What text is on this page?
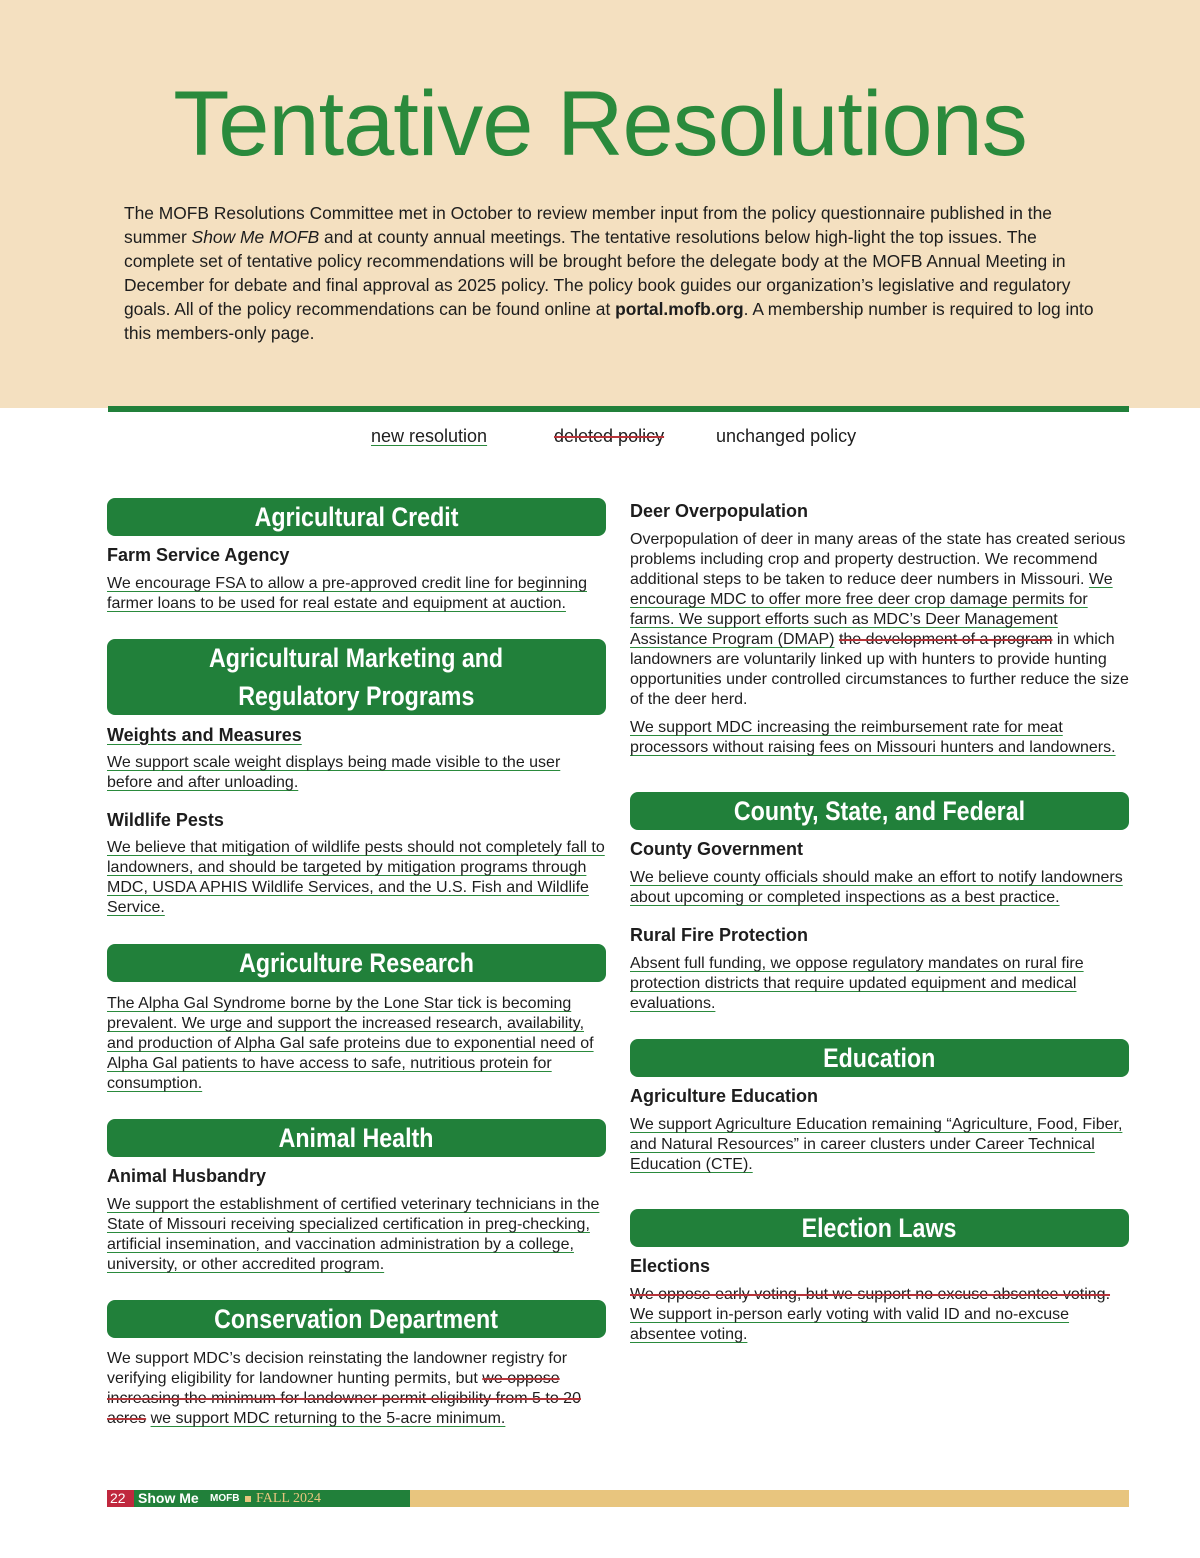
Tentative Resolutions

The MOFB Resolutions Committee met in October to review member input from the policy questionnaire published in the summer Show Me MOFB and at county annual meetings. The tentative resolutions below high-light the top issues. The complete set of tentative policy recommendations will be brought before the delegate body at the MOFB Annual Meeting in December for debate and final approval as 2025 policy. The policy book guides our organization’s legislative and regulatory goals. All of the policy recommendations can be found online at portal.mofb.org. A membership number is required to log into this members-only page.

new resolution	deleted policy	unchanged policy
Agricultural Credit

Farm Service Agency

We encourage FSA to allow a pre-approved credit line for beginning farmer loans to be used for real estate and equipment at auction.

Agricultural Marketing and
Regulatory Programs

Weights and Measures

We support scale weight displays being made visible to the user before and after unloading.

Wildlife Pests

We believe that mitigation of wildlife pests should not completely fall to landowners, and should be targeted by mitigation programs through MDC, USDA APHIS Wildlife Services, and the U.S. Fish and Wildlife Service.

Agriculture Research

The Alpha Gal Syndrome borne by the Lone Star tick is becoming prevalent. We urge and support the increased research, availability, and production of Alpha Gal safe proteins due to exponential need of Alpha Gal patients to have access to safe, nutritious protein for consumption.

Animal Health

Animal Husbandry

We support the establishment of certified veterinary technicians in the State of Missouri receiving specialized certification in preg-checking, artificial insemination, and vaccination administration by a college, university, or other accredited program.

Conservation Department

We support MDC’s decision reinstating the landowner registry for verifying eligibility for landowner hunting permits, but we oppose increasing the minimum for landowner permit eligibility from 5 to 20 acres we support MDC returning to the 5-acre minimum.

Deer Overpopulation

Overpopulation of deer in many areas of the state has created serious problems including crop and property destruction. We recommend additional steps to be taken to reduce deer numbers in Missouri. We encourage MDC to offer more free deer crop damage permits for farms. We support efforts such as MDC’s Deer Management Assistance Program (DMAP) the development of a program in which landowners are voluntarily linked up with hunters to provide hunting opportunities under controlled circumstances to further reduce the size of the deer herd.

We support MDC increasing the reimbursement rate for meat processors without raising fees on Missouri hunters and landowners.

County, State, and Federal Government

County Government

We believe county officials should make an effort to notify landowners about upcoming or completed inspections as a best practice.

Rural Fire Protection

Absent full funding, we oppose regulatory mandates on rural fire protection districts that require updated equipment and medical evaluations.

Education

Agriculture Education

We support Agriculture Education remaining “Agriculture, Food, Fiber, and Natural Resources” in career clusters under Career Technical Education (CTE).

Election Laws

Elections

We oppose early voting, but we support no excuse absentee voting. We support in-person early voting with valid ID and no-excuse absentee voting.

22 Show Me MOFB FALL 2024
